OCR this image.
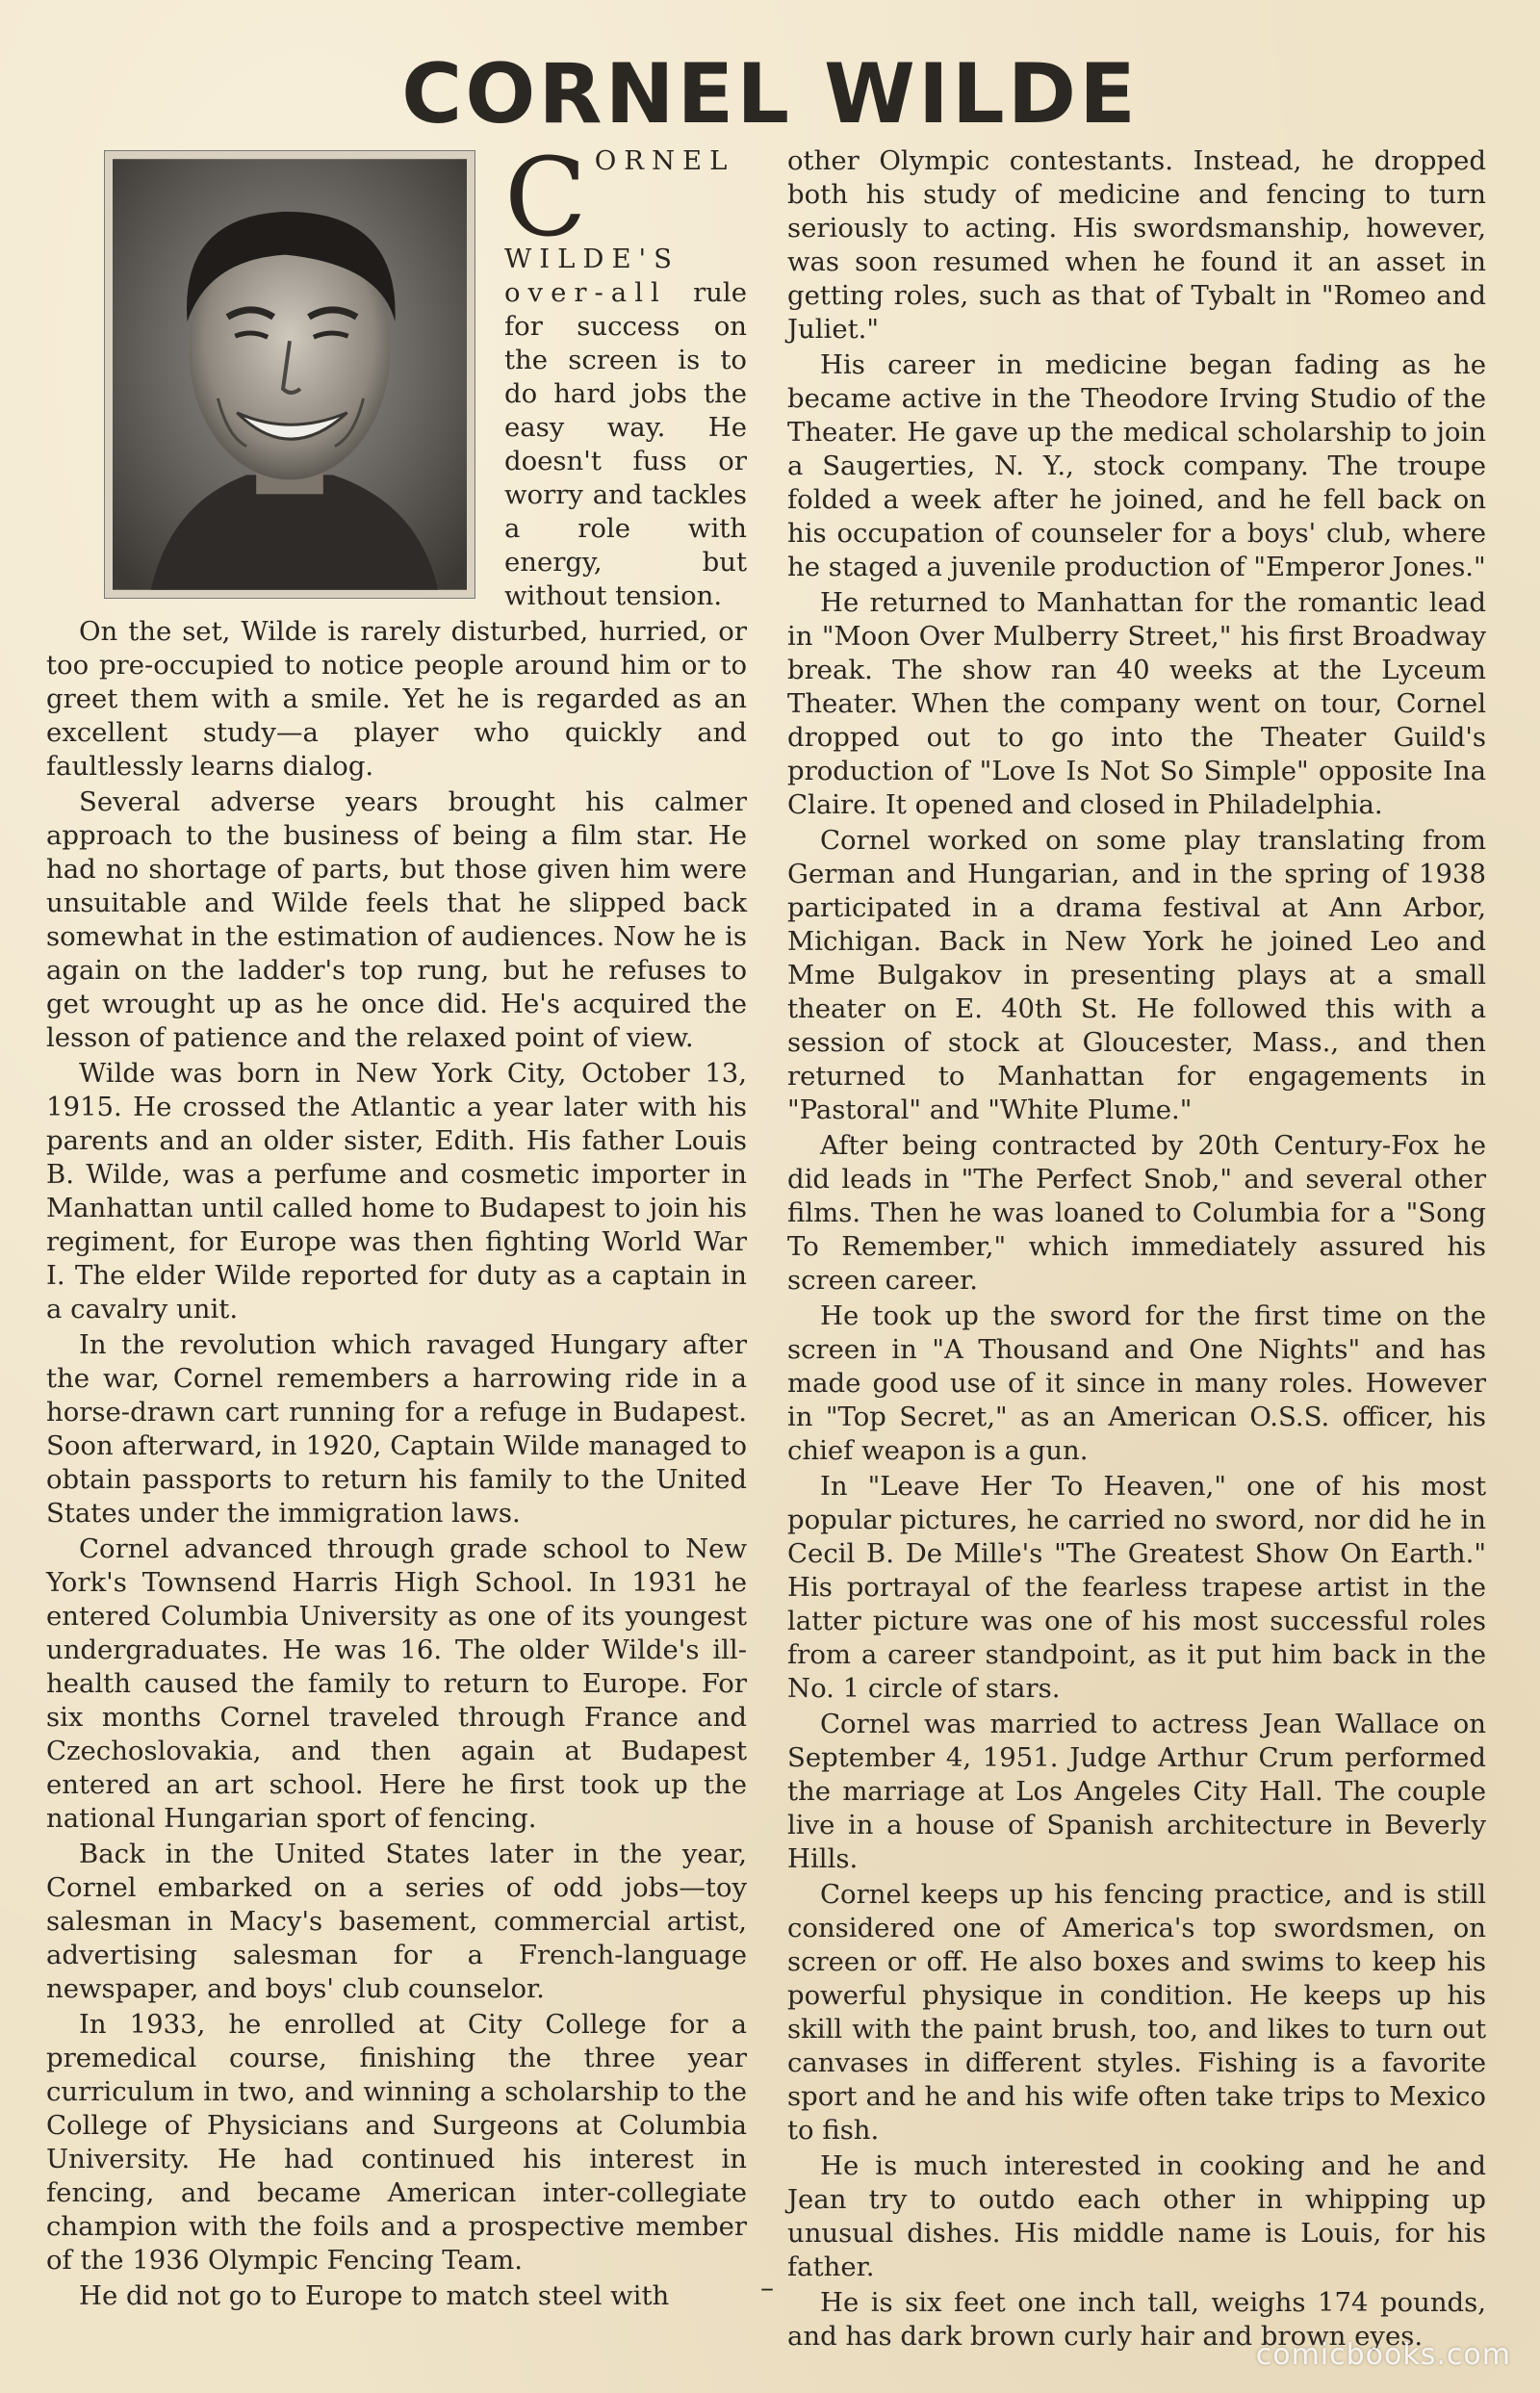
CORNEL WILDE

C ORNEL WILDE'S over-all rule for success on the screen is to do hard jobs the easy way. He doesn't fuss or worry and tackles a role with energy, but without tension.

On the set, Wilde is rarely disturbed, hurried, or too pre-occupied to notice people around him or to greet them with a smile. Yet he is regarded as an excellent study—a player who quickly and faultlessly learns dialog.

Several adverse years brought his calmer approach to the business of being a film star. He had no shortage of parts, but those given him were unsuitable and Wilde feels that he slipped back somewhat in the estimation of audiences. Now he is again on the ladder's top rung, but he refuses to get wrought up as he once did. He's acquired the lesson of patience and the relaxed point of view.

Wilde was born in New York City, October 13, 1915. He crossed the Atlantic a year later with his parents and an older sister, Edith. His father Louis B. Wilde, was a perfume and cosmetic importer in Manhattan until called home to Budapest to join his regiment, for Europe was then fighting World War I. The elder Wilde reported for duty as a captain in a cavalry unit.

In the revolution which ravaged Hungary after the war, Cornel remembers a harrowing ride in a horse-drawn cart running for a refuge in Budapest. Soon afterward, in 1920, Captain Wilde managed to obtain passports to return his family to the United States under the immigration laws.

Cornel advanced through grade school to New York's Townsend Harris High School. In 1931 he entered Columbia University as one of its youngest undergraduates. He was 16. The older Wilde's ill-health caused the family to return to Europe. For six months Cornel traveled through France and Czechoslovakia, and then again at Budapest entered an art school. Here he first took up the national Hungarian sport of fencing.

Back in the United States later in the year, Cornel embarked on a series of odd jobs—toy salesman in Macy's basement, commercial artist, advertising salesman for a French-language newspaper, and boys' club counselor.

In 1933, he enrolled at City College for a premedical course, finishing the three year curriculum in two, and winning a scholarship to the College of Physicians and Surgeons at Columbia University. He had continued his interest in fencing, and became American inter-collegiate champion with the foils and a prospective member of the 1936 Olympic Fencing Team.

He did not go to Europe to match steel with	–

other Olympic contestants. Instead, he dropped both his study of medicine and fencing to turn seriously to acting. His swordsmanship, however, was soon resumed when he found it an asset in getting roles, such as that of Tybalt in "Romeo and Juliet."

His career in medicine began fading as he became active in the Theodore Irving Studio of the Theater. He gave up the medical scholarship to join a Saugerties, N. Y., stock company. The troupe folded a week after he joined, and he fell back on his occupation of counseler for a boys' club, where he staged a juvenile production of "Emperor Jones."

He returned to Manhattan for the romantic lead in "Moon Over Mulberry Street," his first Broadway break. The show ran 40 weeks at the Lyceum Theater. When the company went on tour, Cornel dropped out to go into the Theater Guild's production of "Love Is Not So Simple" opposite Ina Claire. It opened and closed in Philadelphia.

Cornel worked on some play translating from German and Hungarian, and in the spring of 1938 participated in a drama festival at Ann Arbor, Michigan. Back in New York he joined Leo and Mme Bulgakov in presenting plays at a small theater on E. 40th St. He followed this with a session of stock at Gloucester, Mass., and then returned to Manhattan for engagements in "Pastoral" and "White Plume."

After being contracted by 20th Century-Fox he did leads in "The Perfect Snob," and several other films. Then he was loaned to Columbia for a "Song To Remember," which immediately assured his screen career.

He took up the sword for the first time on the screen in "A Thousand and One Nights" and has made good use of it since in many roles. However in "Top Secret," as an American O.S.S. officer, his chief weapon is a gun.

In "Leave Her To Heaven," one of his most popular pictures, he carried no sword, nor did he in Cecil B. De Mille's "The Greatest Show On Earth." His portrayal of the fearless trapese artist in the latter picture was one of his most successful roles from a career standpoint, as it put him back in the No. 1 circle of stars.

Cornel was married to actress Jean Wallace on September 4, 1951. Judge Arthur Crum performed the marriage at Los Angeles City Hall. The couple live in a house of Spanish architecture in Beverly Hills.

Cornel keeps up his fencing practice, and is still considered one of America's top swordsmen, on screen or off. He also boxes and swims to keep his powerful physique in condition. He keeps up his skill with the paint brush, too, and likes to turn out canvases in different styles. Fishing is a favorite sport and he and his wife often take trips to Mexico to fish.

He is much interested in cooking and he and Jean try to outdo each other in whipping up unusual dishes. His middle name is Louis, for his father.

He is six feet one inch tall, weighs 174 pounds, and has dark brown curly hair and brown eyes.

comicbooks.com
